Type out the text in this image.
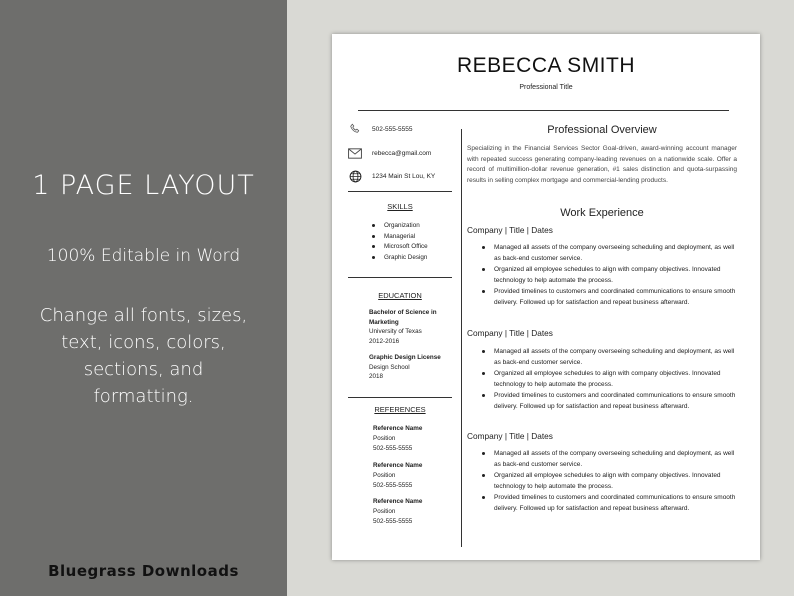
1 PAGE LAYOUT
100% Editable in Word
Change all fonts, sizes,
text, icons, colors,
sections, and
formatting.
Bluegrass Downloads
REBECCA SMITH
Professional Title
502-555-5555
rebecca@gmail.com
1234 Main St Lou, KY
SKILLS
Organization
Managerial
Microsoft Office
Graphic Design
EDUCATION
Bachelor of Science in Marketing
University of Texas
2012-2016
Graphic Design License
Design School
2018
REFERENCES
Reference Name
Position
502-555-5555
Reference Name
Position
502-555-5555
Reference Name
Position
502-555-5555
Professional Overview
Specializing in the Financial Services Sector Goal-driven, award-winning account manager with repeated success generating company-leading revenues on a nationwide scale. Offer a record of multimillion-dollar revenue generation, #1 sales distinction and quota-surpassing results in selling complex mortgage and commercial-lending products.
Work Experience
Company | Title | Dates
Managed all assets of the company overseeing scheduling and deployment, as well as back-end customer service.
Organized all employee schedules to align with company objectives. Innovated technology to help automate the process.
Provided timelines to customers and coordinated communications to ensure smooth delivery. Followed up for satisfaction and repeat business afterward.
Company | Title | Dates
Managed all assets of the company overseeing scheduling and deployment, as well as back-end customer service.
Organized all employee schedules to align with company objectives. Innovated technology to help automate the process.
Provided timelines to customers and coordinated communications to ensure smooth delivery. Followed up for satisfaction and repeat business afterward.
Company | Title | Dates
Managed all assets of the company overseeing scheduling and deployment, as well as back-end customer service.
Organized all employee schedules to align with company objectives. Innovated technology to help automate the process.
Provided timelines to customers and coordinated communications to ensure smooth delivery. Followed up for satisfaction and repeat business afterward.
